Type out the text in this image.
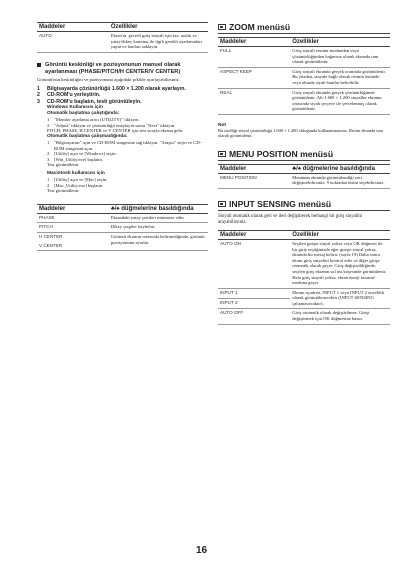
Maddeler	Özellikler
AUTO	Ekran'ın, gecerli giriş sinyali için faz, aralık ve yatay/dikey konumu ile ilgili gerekli ayarlamaları yapın ve bunları saklayın.
Görüntü keskinliği ve pozisyonunun manuel olarak ayarlanması (PHASE/PITCH/H CENTER/V CENTER)
Görüntü'nün keskinliğini ve pozisyonunu aşağıdaki şekilde ayarlayabilirsiniz.
1	Bilgisayarda çözünürlüğü 1.600 × 1.200 olarak ayarlayın.
2	CD-ROM'u yerleştirin.
3	CD-ROM'u başlatın, testi görüntüleyin.
Windows Kullanıcısı için
Otomatik başlatma çalıştığında:
1	"Monitör ayarlama aracı (UTILITY)" tıklayın.
2	"Adjust" tıklayın ve çözünürlüğü onaylayın sonra "Next" tıklayın.
PITCH, PHASE, H CENTER ve V CENTER için test sırayla ekrana gelir.
Otomatik başlatma çalışmadığında:
1	"Bilgisayarım" açın ve CD-ROM simgesine sağ tıklayın. "Araştır" seçin ve CD-ROM simgesini açın.
2	[Utility] açın ve [Windows] seçin.
3	[Win_Utility.exe] başlatın.
Test görüntülenir.
Macintosh kullanıcısı için
1	[Utility] açın ve [Mac] seçin.
2	[Mac_Utility.exe] başlatın.
Test görüntülenir.
Maddeler	♣/♠ düğmelerine basıldığında
PHASE	Ekrandaki yatay şeritleri minimize edin.
PITCH	Dikey çizgiler kaybolur.
H CENTER	Görüntü ekranın ortasında belirmediğinde, görüntü pozisyonunu ayarlar.
V CENTER	
ZOOM menüsü
Maddeler	Özellikler
FULL	Giriş sinyali resmin modundan veya çözünürlüğünden bağımsız olarak ekranda tam olarak görüntülenir.
ASPECT KEEP	Giriş sinyali ekranda gerçek oranında görüntülenir. Bu yüzden, sinyale bağlı olarak resmin üstünde veya altında siyah bantlar belirebilir.
REAL	Giriş sinyali ekranda gerçek çözünürlüğünde görüntülenir. Alt-1.600 × 1.200 sinyaller ekranın ortasında siyah çerçeve ile çevrelenmiş olarak görüntülenir.
Not
Bu özelliği sinyal çözünürlüğü 1.600 × 1.200 olduğunda kullanamazsınız. Resim ekranda tam olarak görüntülenir.
MENU POSITION menüsü
Maddeler	♣/♠ düğmelerine basıldığında
MENU POSITION	Menünün ekranda görüntülendiği yeri değiştirebilirsiniz. 9 noktadan birini seçebilirsiniz.
INPUT SENSING menüsü
Sinyali otomatik olarak geri ve ileri değiştirerek herhangi bir giriş sinyalini arayabilirsiniz.
Maddeler	Özellikler
AUTO ON	Seçilen girişte sinyal yoksa veya OK düğmesi ile bir giriş seçtiğinizde eğer girişte sinyal yoksa, ekranda bir mesaj belirir. (sayfa 19) Daha sonra ekran giriş sinyalini kontrol eder ve diğer girişe otomatik olarak geçer. Giriş değiştirildiğinde, seçilen giriş ekranın sol üst köşesinde görüntülenir. Hala giriş sinyali yoksa, ekran enerji tasarruf moduna geçer.
INPUT 1	Ekranı açarken, INPUT 1 veya INPUT 2 öncelikli olarak görüntülenecektir (INPUT SENSING çalışmayacaktır).
INPUT 2	
AUTO OFF	Giriş otomatik olarak değiştirilmez. Girişi değiştirmek için OK düğmesine basın.
16
